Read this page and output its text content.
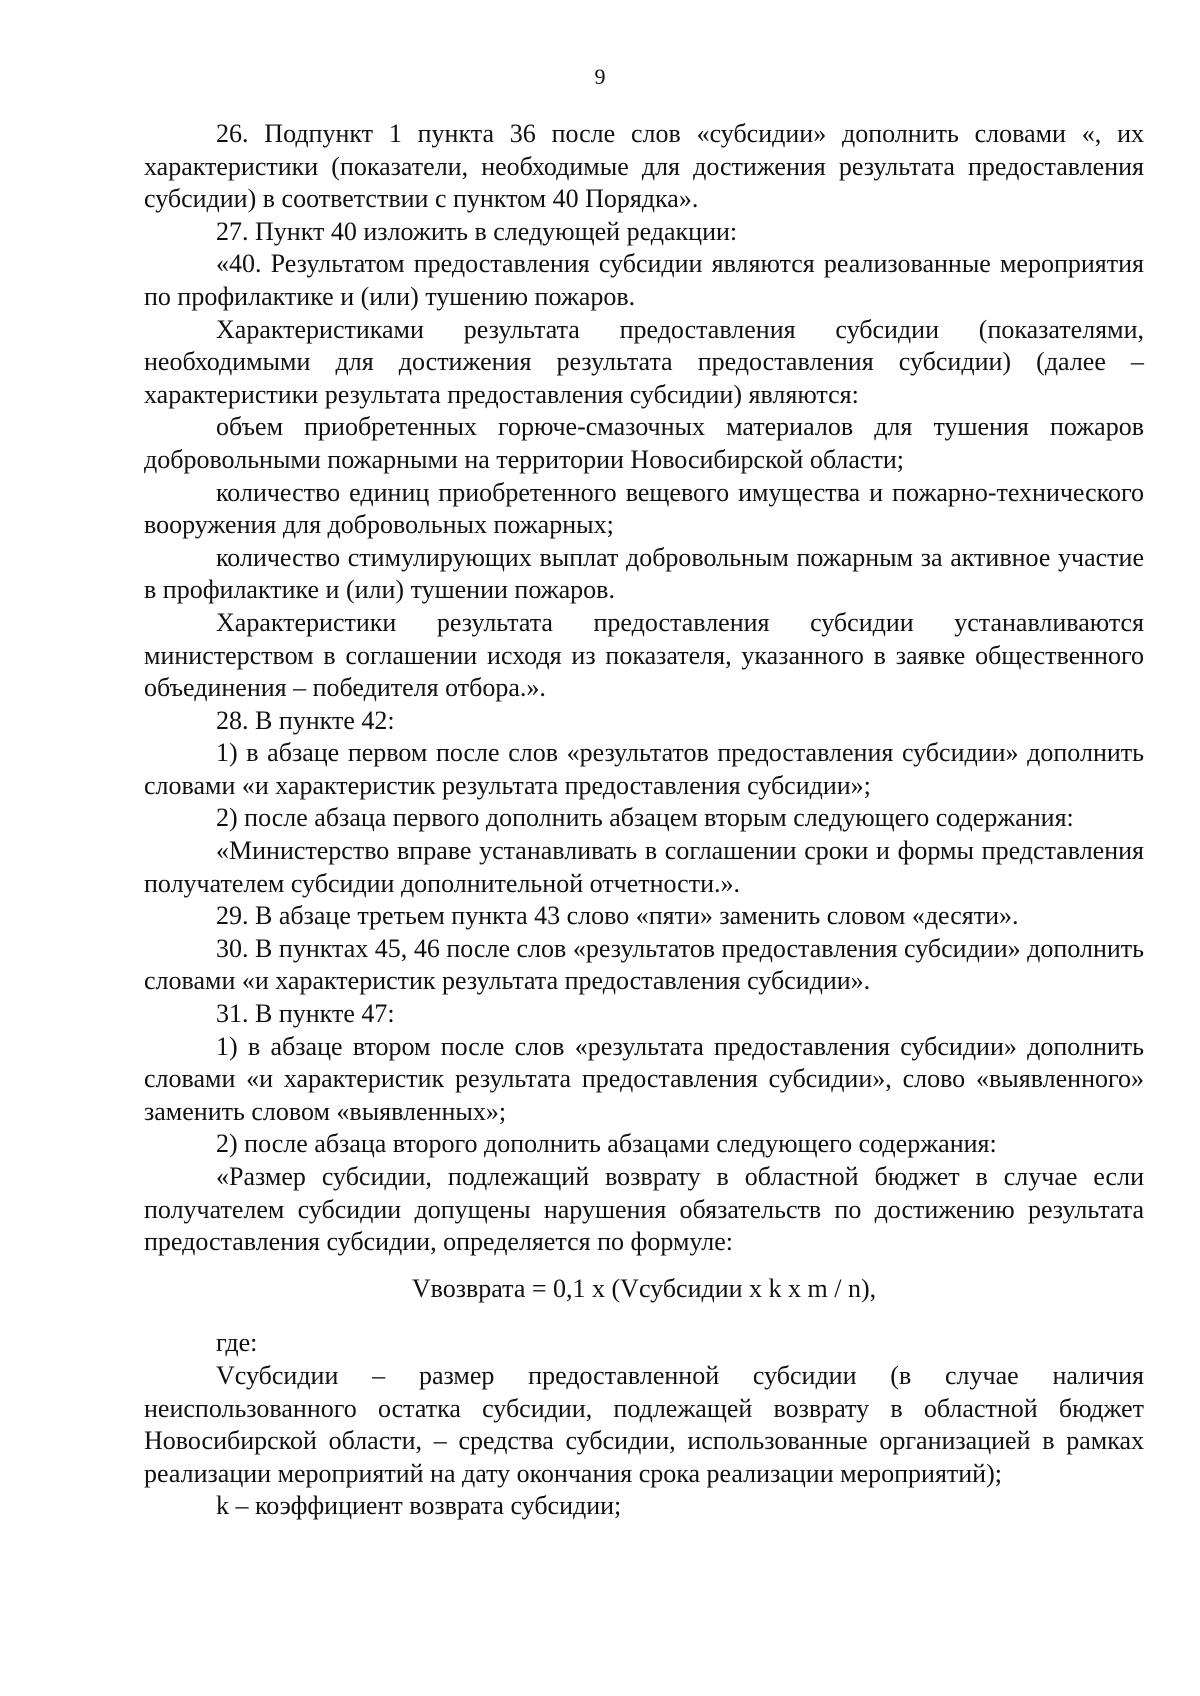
9

26. Подпункт 1 пункта 36 после слов «субсидии» дополнить словами «, их характеристики (показатели, необходимые для достижения результата предоставления субсидии) в соответствии с пунктом 40 Порядка».

27. Пункт 40 изложить в следующей редакции:

«40. Результатом предоставления субсидии являются реализованные мероприятия по профилактике и (или) тушению пожаров.

Характеристиками результата предоставления субсидии (показателями, необходимыми для достижения результата предоставления субсидии) (далее – характеристики результата предоставления субсидии) являются:

объем приобретенных горюче-смазочных материалов для тушения пожаров добровольными пожарными на территории Новосибирской области;

количество единиц приобретенного вещевого имущества и пожарно-технического вооружения для добровольных пожарных;

количество стимулирующих выплат добровольным пожарным за активное участие в профилактике и (или) тушении пожаров.

Характеристики результата предоставления субсидии устанавливаются министерством в соглашении исходя из показателя, указанного в заявке общественного объединения – победителя отбора.».

28. В пункте 42:

1) в абзаце первом после слов «результатов предоставления субсидии» дополнить словами «и характеристик результата предоставления субсидии»;

2) после абзаца первого дополнить абзацем вторым следующего содержания:

«Министерство вправе устанавливать в соглашении сроки и формы представления получателем субсидии дополнительной отчетности.».

29. В абзаце третьем пункта 43 слово «пяти» заменить словом «десяти».

30. В пунктах 45, 46 после слов «результатов предоставления субсидии» дополнить словами «и характеристик результата предоставления субсидии».

31. В пункте 47:

1) в абзаце втором после слов «результата предоставления субсидии» дополнить словами «и характеристик результата предоставления субсидии», слово «выявленного» заменить словом «выявленных»;

2) после абзаца второго дополнить абзацами следующего содержания:

«Размер субсидии, подлежащий возврату в областной бюджет в случае если получателем субсидии допущены нарушения обязательств по достижению результата предоставления субсидии, определяется по формуле:

Vвозврата = 0,1 x (Vсубсидии x k x m / n),

где:

Vсубсидии – размер предоставленной субсидии (в случае наличия неиспользованного остатка субсидии, подлежащей возврату в областной бюджет Новосибирской области, – средства субсидии, использованные организацией в рамках реализации мероприятий на дату окончания срока реализации мероприятий);

k – коэффициент возврата субсидии;
